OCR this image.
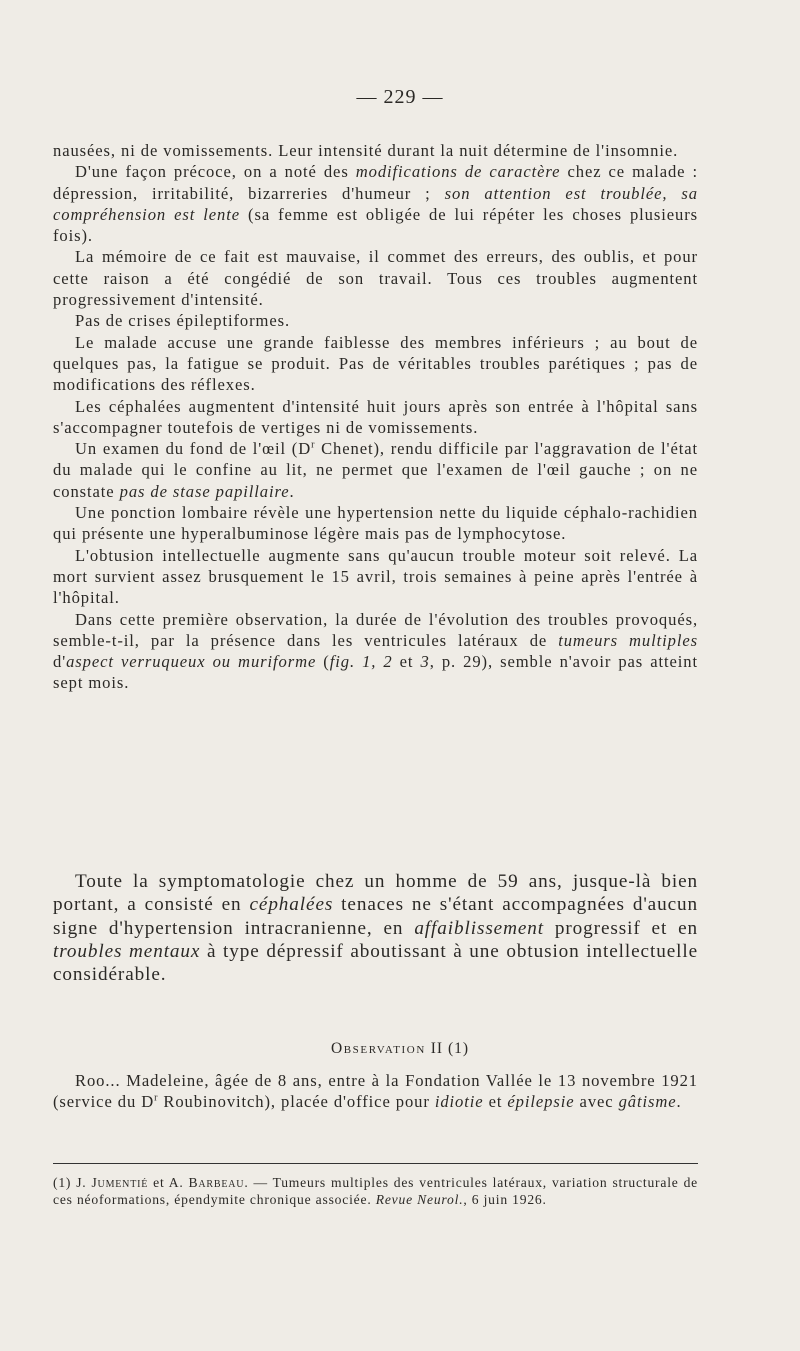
— 229 —

nausées, ni de vomissements. Leur intensité durant la nuit détermine de l'insomnie.

D'une façon précoce, on a noté des modifications de caractère chez ce malade : dépression, irritabilité, bizarreries d'humeur ; son attention est troublée, sa compréhension est lente (sa femme est obligée de lui répéter les choses plusieurs fois).

La mémoire de ce fait est mauvaise, il commet des erreurs, des oublis, et pour cette raison a été congédié de son travail. Tous ces troubles augmentent progressivement d'intensité.

Pas de crises épileptiformes.

Le malade accuse une grande faiblesse des membres inférieurs ; au bout de quelques pas, la fatigue se produit. Pas de véritables troubles parétiques ; pas de modifications des réflexes.

Les céphalées augmentent d'intensité huit jours après son entrée à l'hôpital sans s'accompagner toutefois de vertiges ni de vomissements.

Un examen du fond de l'œil ($D^r$ Chenet), rendu difficile par l'aggravation de l'état du malade qui le confine au lit, ne permet que l'examen de l'œil gauche ; on ne constate pas de stase papillaire.

Une ponction lombaire révèle une hypertension nette du liquide céphalo-rachidien qui présente une hyperalbuminose légère mais pas de lymphocytose.

L'obtusion intellectuelle augmente sans qu'aucun trouble moteur soit relevé. La mort survient assez brusquement le 15 avril, trois semaines à peine après l'entrée à l'hôpital.

Dans cette première observation, la durée de l'évolution des troubles provoqués, semble-t-il, par la présence dans les ventricules latéraux de tumeurs multiples d'aspect verruqueux ou muriforme (fig. 1, 2 et 3, p. 29), semble n'avoir pas atteint sept mois.

Toute la symptomatologie chez un homme de 59 ans, jusque-là bien portant, a consisté en céphalées tenaces ne s'étant accompagnées d'aucun signe d'hypertension intracranienne, en affaiblissement progressif et en troubles mentaux à type dépressif aboutissant à une obtusion intellectuelle considérable.

Observation II (1)

Roo... Madeleine, âgée de 8 ans, entre à la Fondation Vallée le 13 novembre 1921 (service du $D^r$ Roubinovitch), placée d'office pour idiotie et épilepsie avec gâtisme.

(1) J. Jumentié et A. Barbeau. — Tumeurs multiples des ventricules latéraux, variation structurale de ces néoformations, épendymite chronique associée. Revue Neurol., 6 juin 1926.
